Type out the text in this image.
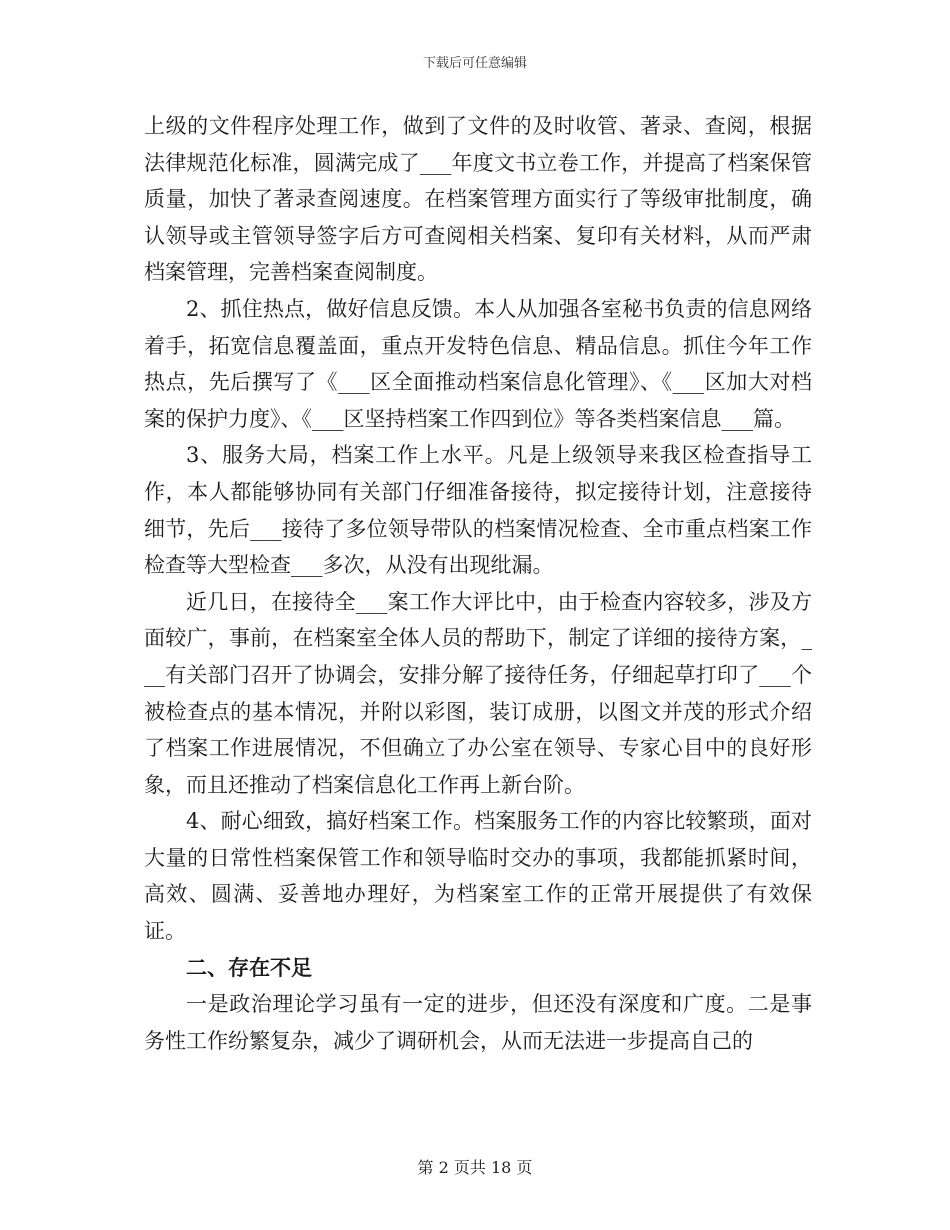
下载后可任意编辑

上级的文件程序处理工作，做到了文件的及时收管、著录、查阅，根据法律规范化标准，圆满完成了___年度文书立卷工作，并提高了档案保管质量，加快了著录查阅速度。在档案管理方面实行了等级审批制度，确认领导或主管领导签字后方可查阅相关档案、复印有关材料，从而严肃档案管理，完善档案查阅制度。

2、抓住热点，做好信息反馈。本人从加强各室秘书负责的信息网络着手，拓宽信息覆盖面，重点开发特色信息、精品信息。抓住今年工作热点，先后撰写了《___区全面推动档案信息化管理》、《___区加大对档案的保护力度》、《___区坚持档案工作四到位》等各类档案信息___篇。

3、服务大局，档案工作上水平。凡是上级领导来我区检查指导工作，本人都能够协同有关部门仔细准备接待，拟定接待计划，注意接待细节，先后___接待了多位领导带队的档案情况检查、全市重点档案工作检查等大型检查___多次，从没有出现纰漏。

近几日，在接待全___案工作大评比中，由于检查内容较多，涉及方面较广，事前，在档案室全体人员的帮助下，制定了详细的接待方案，___有关部门召开了协调会，安排分解了接待任务，仔细起草打印了___个被检查点的基本情况，并附以彩图，装订成册，以图文并茂的形式介绍了档案工作进展情况，不但确立了办公室在领导、专家心目中的良好形象，而且还推动了档案信息化工作再上新台阶。

4、耐心细致，搞好档案工作。档案服务工作的内容比较繁琐，面对大量的日常性档案保管工作和领导临时交办的事项，我都能抓紧时间，高效、圆满、妥善地办理好，为档案室工作的正常开展提供了有效保证。

二、存在不足

一是政治理论学习虽有一定的进步，但还没有深度和广度。二是事务性工作纷繁复杂，减少了调研机会，从而无法进一步提高自己的

第 2 页共 18 页
